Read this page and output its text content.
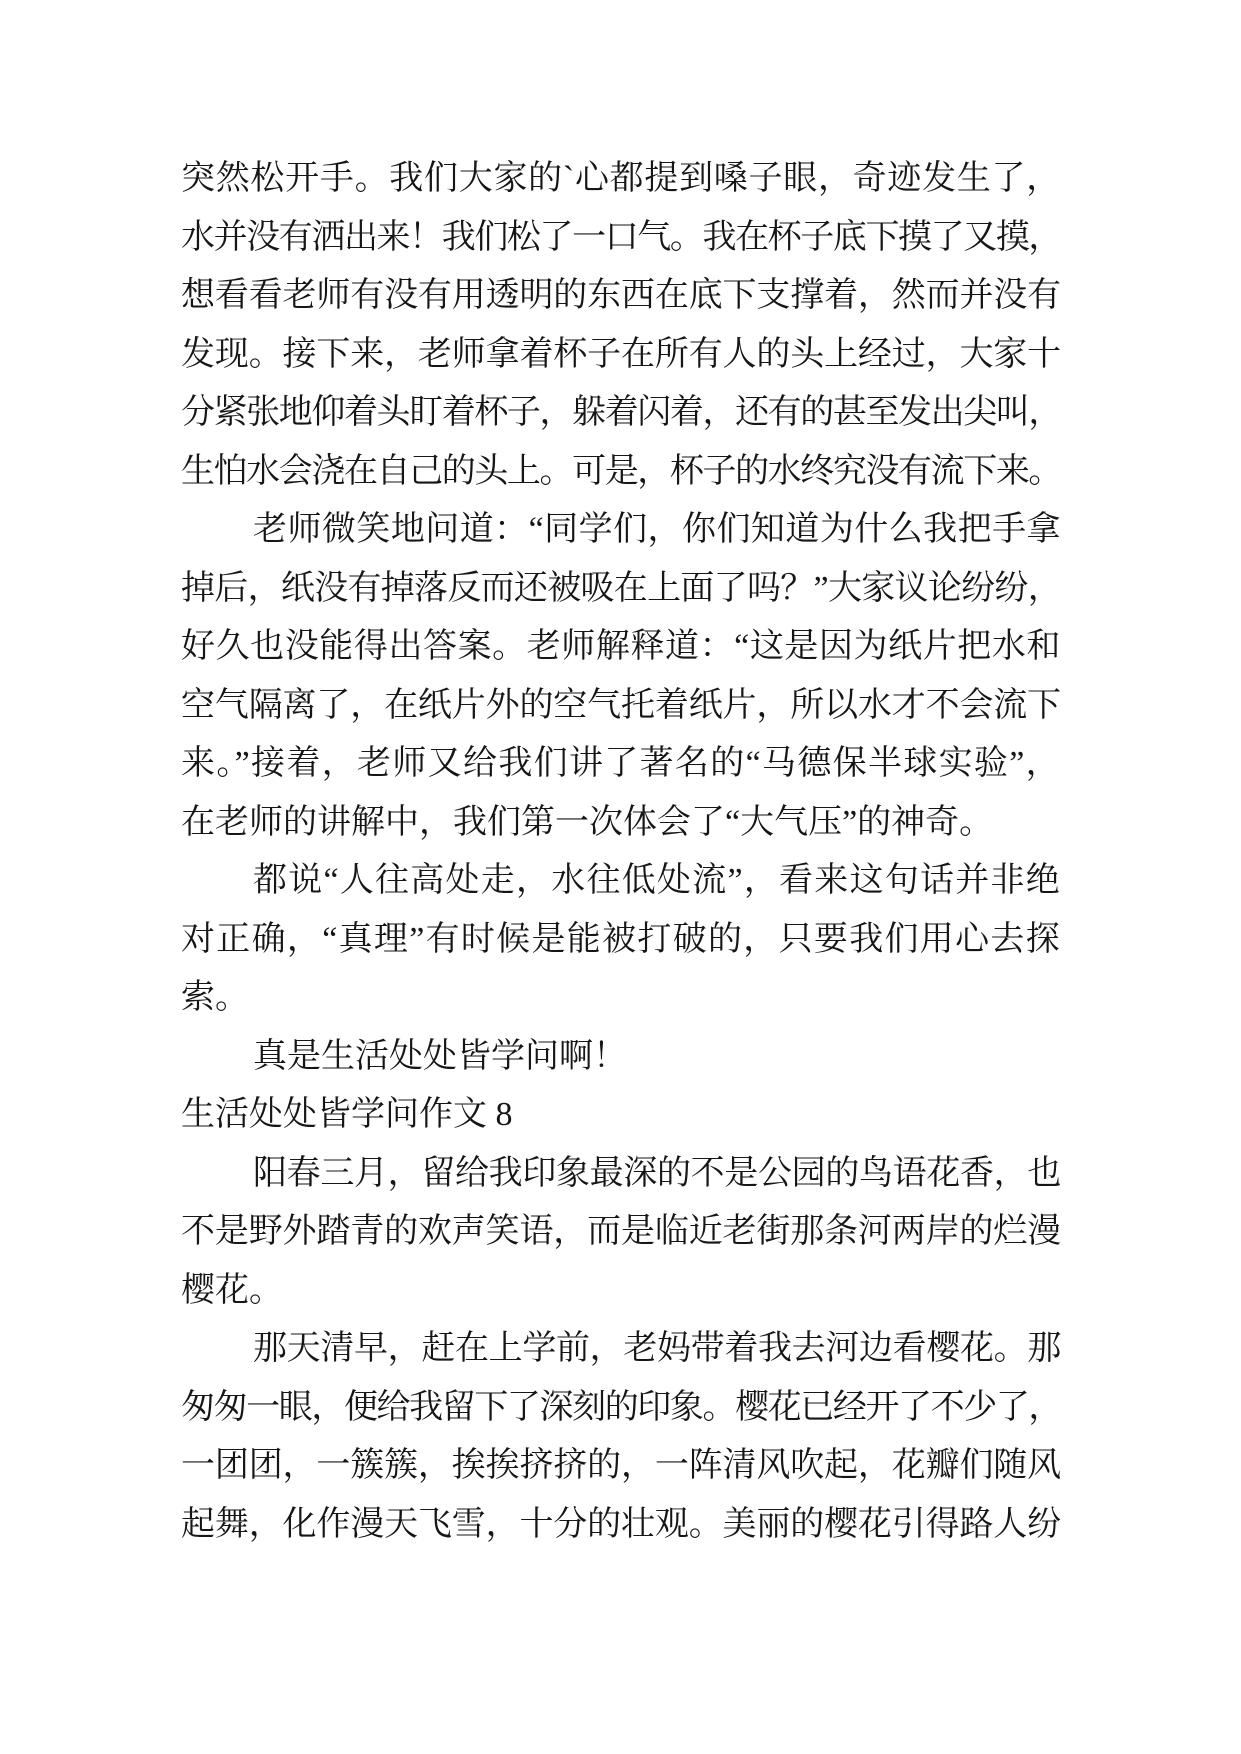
突然松开手。我们大家的`心都提到嗓子眼，奇迹发生了，
水并没有洒出来！我们松了一口气。我在杯子底下摸了又摸，
想看看老师有没有用透明的东西在底下支撑着，然而并没有
发现。接下来，老师拿着杯子在所有人的头上经过，大家十
分紧张地仰着头盯着杯子，躲着闪着，还有的甚至发出尖叫，
生怕水会浇在自己的头上。可是，杯子的水终究没有流下来。
老师微笑地问道：“同学们，你们知道为什么我把手拿
掉后，纸没有掉落反而还被吸在上面了吗？”大家议论纷纷，
好久也没能得出答案。老师解释道：“这是因为纸片把水和
空气隔离了，在纸片外的空气托着纸片，所以水才不会流下
来。”接着，老师又给我们讲了著名的“马德保半球实验”，
在老师的讲解中，我们第一次体会了“大气压”的神奇。
都说“人往高处走，水往低处流”，看来这句话并非绝
对正确，“真理”有时候是能被打破的，只要我们用心去探
索。
真是生活处处皆学问啊！
生活处处皆学问作文 8
阳春三月，留给我印象最深的不是公园的鸟语花香，也
不是野外踏青的欢声笑语，而是临近老街那条河两岸的烂漫
樱花。
那天清早，赶在上学前，老妈带着我去河边看樱花。那
匆匆一眼，便给我留下了深刻的印象。樱花已经开了不少了，
一团团，一簇簇，挨挨挤挤的，一阵清风吹起，花瓣们随风
起舞，化作漫天飞雪，十分的壮观。美丽的樱花引得路人纷
